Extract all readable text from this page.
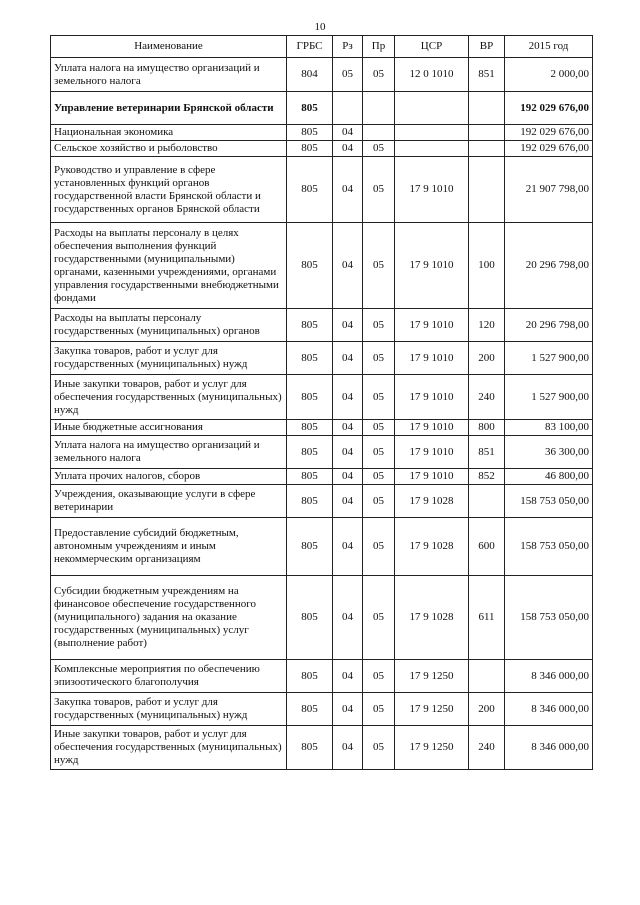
10
Наименование	ГРБС	Рз	Пр	ЦСР	ВР	2015 год
Уплата налога на имущество организаций и земельного налога	804	05	05	12 0 1010	851	2 000,00
Управление ветеринарии Брянской области	805					192 029 676,00
Национальная экономика	805	04				192 029 676,00
Сельское хозяйство и рыболовство	805	04	05			192 029 676,00
Руководство и управление в сфере установленных функций органов государственной власти Брянской области и государственных органов Брянской области	805	04	05	17 9 1010		21 907 798,00
Расходы на выплаты персоналу в целях обеспечения выполнения функций государственными (муниципальными) органами, казенными учреждениями, органами управления государственными внебюджетными фондами	805	04	05	17 9 1010	100	20 296 798,00
Расходы на выплаты персоналу государственных (муниципальных) органов	805	04	05	17 9 1010	120	20 296 798,00
Закупка товаров, работ и услуг для государственных (муниципальных) нужд	805	04	05	17 9 1010	200	1 527 900,00
Иные закупки товаров, работ и услуг для обеспечения государственных (муниципальных) нужд	805	04	05	17 9 1010	240	1 527 900,00
Иные бюджетные ассигнования	805	04	05	17 9 1010	800	83 100,00
Уплата налога на имущество организаций и земельного налога	805	04	05	17 9 1010	851	36 300,00
Уплата прочих налогов, сборов	805	04	05	17 9 1010	852	46 800,00
Учреждения, оказывающие услуги в сфере ветеринарии	805	04	05	17 9 1028		158 753 050,00
Предоставление субсидий бюджетным, автономным учреждениям и иным некоммерческим организациям	805	04	05	17 9 1028	600	158 753 050,00
Субсидии бюджетным учреждениям на финансовое обеспечение государственного (муниципального) задания на оказание государственных (муниципальных) услуг (выполнение работ)	805	04	05	17 9 1028	611	158 753 050,00
Комплексные мероприятия по обеспечению эпизоотического благополучия	805	04	05	17 9 1250		8 346 000,00
Закупка товаров, работ и услуг для государственных (муниципальных) нужд	805	04	05	17 9 1250	200	8 346 000,00
Иные закупки товаров, работ и услуг для обеспечения государственных (муниципальных) нужд	805	04	05	17 9 1250	240	8 346 000,00
